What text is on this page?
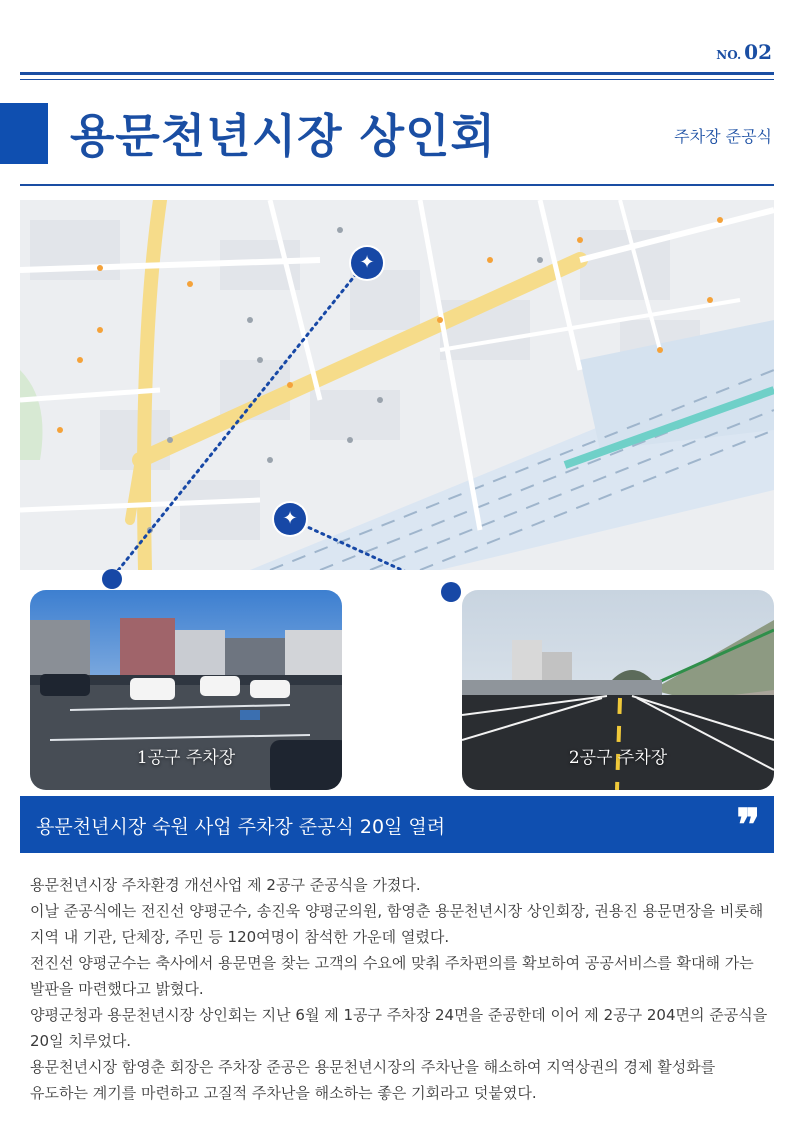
NO. 02
용문천년시장 상인회	주차장 준공식
✦
✦
1공구 주차장	2공구 주차장
용문천년시장 숙원 사업 주차장 준공식 20일 열려	❞

용문천년시장 주차환경 개선사업 제 2공구 준공식을 가졌다.

이날 준공식에는 전진선 양평군수, 송진욱 양평군의원, 함영춘 용문천년시장 상인회장, 권용진 용문면장을 비롯해 지역 내 기관, 단체장, 주민 등 120여명이 참석한 가운데 열렸다.

전진선 양평군수는 축사에서 용문면을 찾는 고객의 수요에 맞춰 주차편의를 확보하여 공공서비스를 확대해 가는 발판을 마련했다고 밝혔다.

양평군청과 용문천년시장 상인회는 지난 6월 제 1공구 주차장 24면을 준공한데 이어 제 2공구 204면의 준공식을 20일 치루었다.

용문천년시장 함영춘 회장은 주차장 준공은 용문천년시장의 주차난을 해소하여 지역상권의 경제 활성화를 유도하는 계기를 마련하고 고질적 주차난을 해소하는 좋은 기회라고 덧붙였다.
